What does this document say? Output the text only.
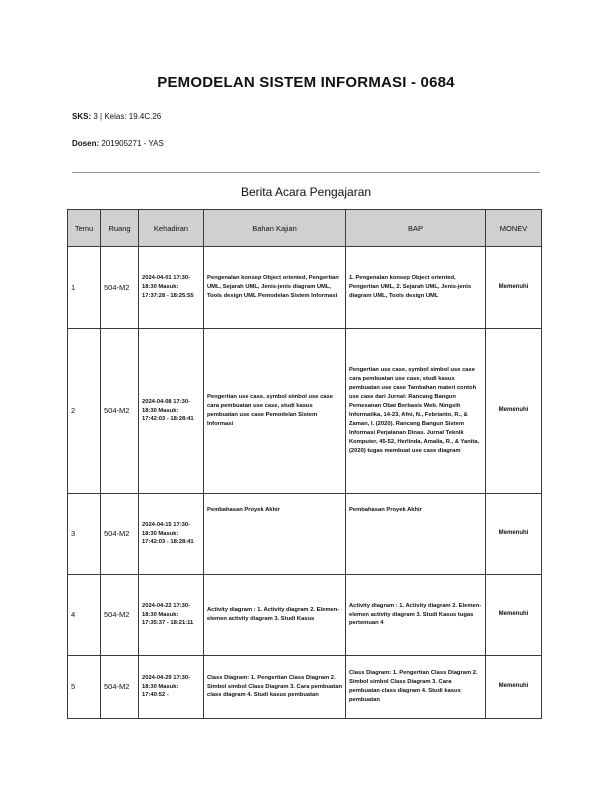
PEMODELAN SISTEM INFORMASI - 0684
SKS: 3 | Kelas: 19.4C.26
Dosen: 201905271 - YAS
Berita Acara Pengajaran
Temu	Ruang	Kehadiran	Bahan Kajian	BAP	MONEV
1	504-M2	2024-04-01 17:30-18:30 Masuk: 17:37:28 - 18:25:55	Pengenalan konsep Object oriented, Pengertian UML, Sejarah UML, Jenis-jenis diagram UML, Tools design UML Pemodelan Sistem Informasi	1. Pengenalan konsep Object oriented, Pengertian UML, 2. Sejarah UML, Jenis-jenis diagram UML, Tools design UML	Memenuhi
2	504-M2	2024-04-08 17:30-18:30 Masuk: 17:42:03 - 18:28:41	Pengertian use case, symbol simbol use case cara pembuatan use case, studi kasus pembuatan use case Pemodelan Sistem Informasi	Pengertian use case, symbol simbol use case cara pembuatan use case, studi kasus pembuatan use case Tambahan materi contoh use case dari Jurnal: Rancang Bangun Pemesanan Obat Berbasis Web. Ningsih Informatika, 14-23, Afni, N., Febrianto, R., & Zaman, I. (2020). Rancang Bangun Sistem Informasi Perjalanan Dinas. Jurnal Teknik Komputer, 45-52, Herlinda, Amalia, R., & Yanita. (2020) tugas membuat use case diagram	Memenuhi
3	504-M2	2024-04-15 17:30-18:30 Masuk: 17:42:03 - 18:28:41	Pembahasan Proyek Akhir	Pembahasan Proyek Akhir	Memenuhi
4	504-M2	2024-04-22 17:30-18:30 Masuk: 17:35:37 - 18:21:11	Activity diagram : 1. Activity diagram 2. Elemen-elemen activity diagram 3. Studi Kasus	Activity diagram : 1. Activity diagram 2. Elemen-elemen activity diagram 3. Studi Kasus tugas pertemuan 4	Memenuhi
5	504-M2	2024-04-29 17:30-18:30 Masuk: 17:40:52 -	Class Diagram: 1. Pengertian Class Diagram 2. Simbol simbol Class Diagram 3. Cara pembuatan class diagram 4. Studi kasus pembuatan	Class Diagram: 1. Pengertian Class Diagram 2. Simbol simbol Class Diagram 3. Cara pembuatan class diagram 4. Studi kasus pembuatan	Memenuhi
